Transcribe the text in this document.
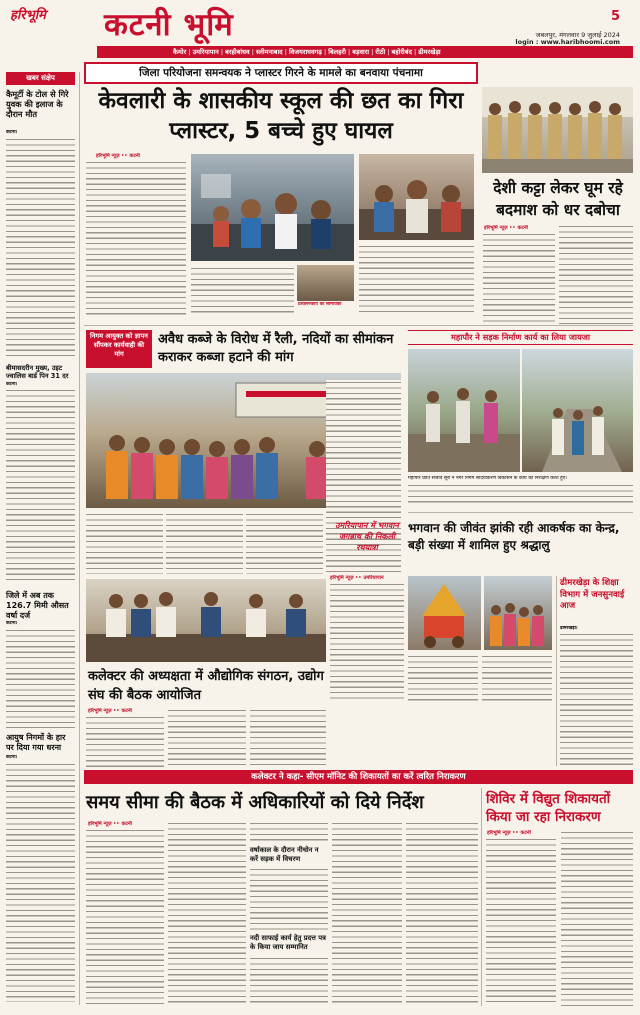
हरिभूमि कटनी भूमि	5
जबलपुर, मंगलवार 9 जुलाई 2024
login : www.haribhoomi.com
कैमोर | उमरियापान | बरहीबांधव | स्लीमनाबाद | विजयराघवगढ़ | बिलहरी | बड़वारा | रीठी | बहोरीबंद | ढीमरखेड़ा
खबर संक्षेप
कैमूर्टी के टोल से गिरे युवक की इलाज के दौरान मौत
कटनी।
बीमासदरीन मुख्य, उइट ज्वालिस बार्ड पिन 31 दर
कटनी।
जिले में अब तक 126.7 मिमी औसत वर्षा दर्ज
कटनी।
आयुष निगमों के हार पर दिया गया धरना
कटनी।
जिला परियोजना समन्वयक ने प्लास्टर गिरने के मामले का बनवाया पंचनामा
केवलारी के शासकीय स्कूल की छत का गिरा प्लास्टर, 5 बच्चे हुए घायल
हरिभूमि न्यूज़ ‣‣ कटनी
प्रशासनकाय की सामयिकी
देशी कट्टा लेकर घूम रहे बदमाश को धर दबोचा
हरिभूमि न्यूज़ ‣‣ कटनी
निगम आयुक्त को ज्ञापन सौंपकर कार्यवाही की मांग
अवैध कब्जे के विरोध में रैली, नदियों का सीमांकन कराकर कब्जा हटाने की मांग
महापौर ने सड़क निर्माण कार्य का लिया जायजा
महापौर प्रीति संजीव सूरी ने नगर निगम सौंदर्यीकरण विकासन के कार्य का निरीक्षण करते हुए।
उमरियापान में भगवान जगन्नाथ की निकली रथयात्रा
भगवान की जीवंत झांकी रही आकर्षक का केन्द्र, बड़ी संख्या में शामिल हुए श्रद्धालु
हरिभूमि न्यूज़ ‣‣ उमरियापान
कलेक्टर की अध्यक्षता में औद्योगिक संगठन, उद्योग संघ की बैठक आयोजित
हरिभूमि न्यूज़ ‣‣ कटनी
ढीमरखेड़ा के शिक्षा विभाग में जनसुनवाई आज
ढीमरखेड़ा।
कलेक्टर ने कहा- सीएम मॉनिट की शिकायतों का करें त्वरित निराकरण
समय सीमा की बैठक में अधिकारियों को दिये निर्देश
हरिभूमि न्यूज़ ‣‣ कटनी
वर्षाकाल के दौरान नीचोन न करें सड़क में विचरण
नदी साफाई कार्य हेतु प्रदत्त पत्र के किया जाय सम्मानित
शिविर में विद्युत शिकायतों किया जा रहा निराकरण
हरिभूमि न्यूज़ ‣‣ कटनी
